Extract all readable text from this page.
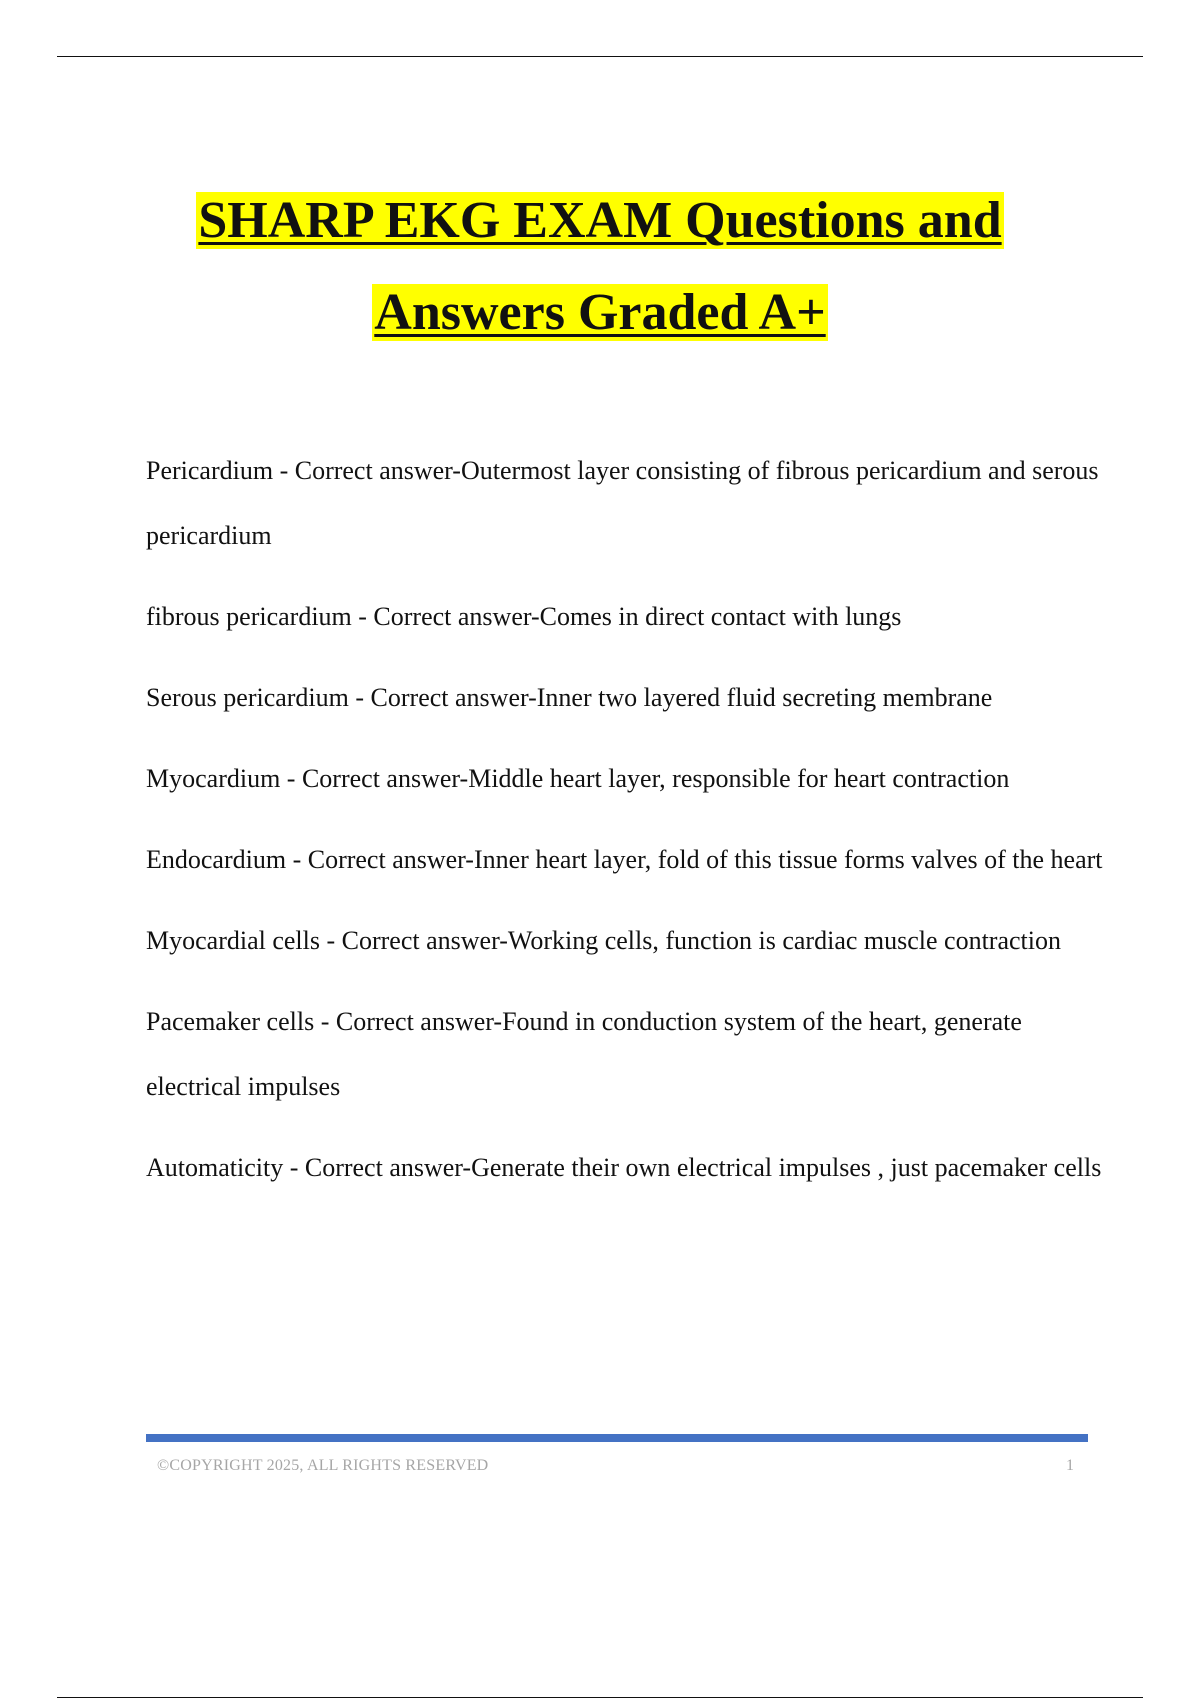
SHARP EKG EXAM Questions and
Answers Graded A+

Pericardium - Correct answer-Outermost layer consisting of fibrous pericardium and serous pericardium

fibrous pericardium - Correct answer-Comes in direct contact with lungs

Serous pericardium - Correct answer-Inner two layered fluid secreting membrane

Myocardium - Correct answer-Middle heart layer, responsible for heart contraction

Endocardium - Correct answer-Inner heart layer, fold of this tissue forms valves of the heart

Myocardial cells - Correct answer-Working cells, function is cardiac muscle contraction

Pacemaker cells - Correct answer-Found in conduction system of the heart, generate electrical impulses

Automaticity - Correct answer-Generate their own electrical impulses , just pacemaker cells

©COPYRIGHT 2025, ALL RIGHTS RESERVED	1
